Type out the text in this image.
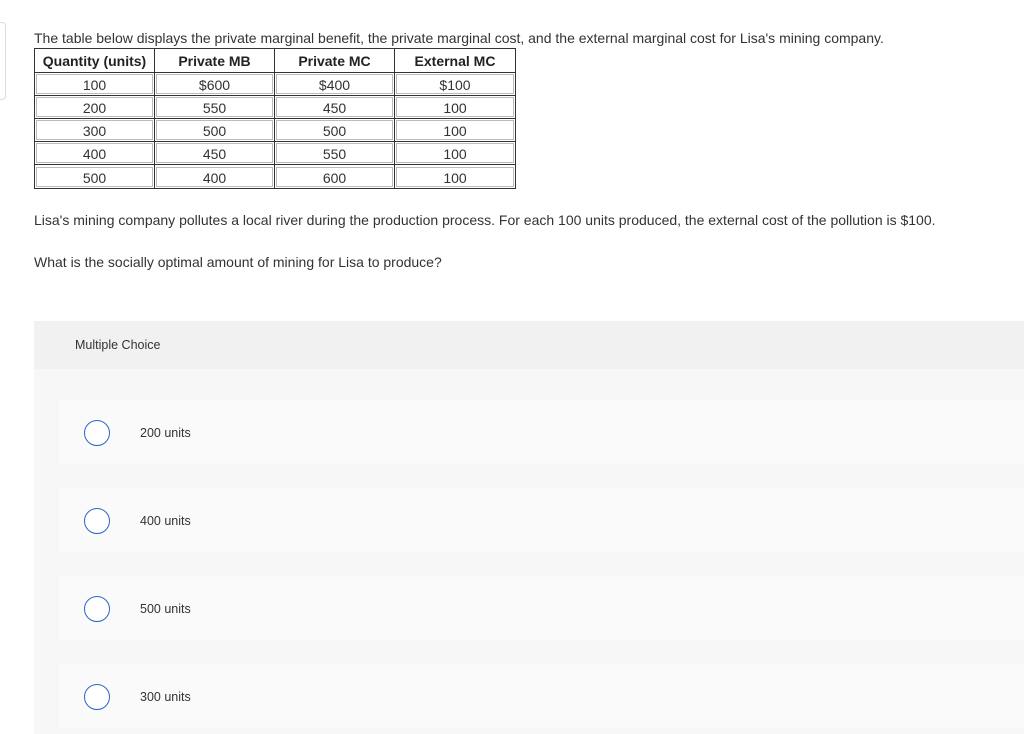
The table below displays the private marginal benefit, the private marginal cost, and the external marginal cost for Lisa's mining company.

Quantity (units)	Private MB	Private MC	External MC

100	$600	$400	$100

200	550	450	100

300	500	500	100

400	450	550	100

500	400	600	100

Lisa's mining company pollutes a local river during the production process. For each 100 units produced, the external cost of the pollution is $100.

What is the socially optimal amount of mining for Lisa to produce?

Multiple Choice
200 units
400 units
500 units
300 units
